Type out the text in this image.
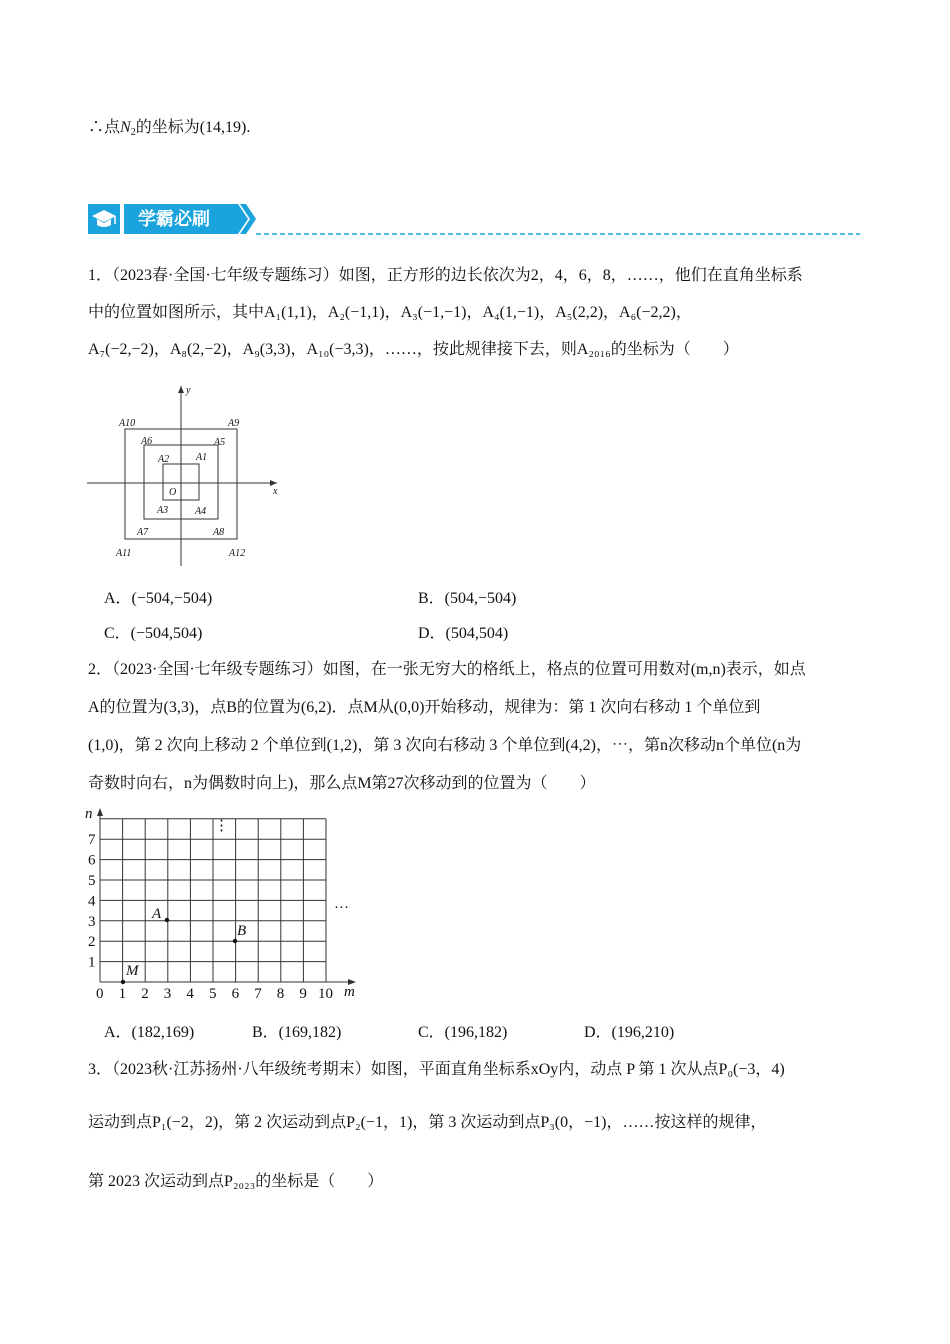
∴点$N_2$的坐标为(14,19).
学霸必刷
1．（2023春·全国·七年级专题练习）如图，正方形的边长依次为2，4，6，8，……，他们在直角坐标系
中的位置如图所示，其中A₁(1,1)，A₂(−1,1)，A₃(−1,−1)，A₄(1,−1)，A₅(2,2)，A₆(−2,2)，
A₇(−2,−2)，A₈(2,−2)，A₉(3,3)，A₁₀(−3,3)，……，按此规律接下去，则A₂₀₁₆的坐标为（　　）
y
x
O
A1
A2
A3	A4
A5
A6
A7	A8
A9
A10
A11	A12
A．(−504,−504)	B．(504,−504)
C．(−504,504)	D．(504,504)
2．（2023·全国·七年级专题练习）如图，在一张无穷大的格纸上，格点的位置可用数对(m,n)表示，如点
A的位置为(3,3)，点B的位置为(6,2)．点M从(0,0)开始移动，规律为：第 1 次向右移动 1 个单位到
(1,0)，第 2 次向上移动 2 个单位到(1,2)，第 3 次向右移动 3 个单位到(4,2)，⋯，第n次移动n个单位(n为
奇数时向右，n为偶数时向上)，那么点M第27次移动到的位置为（　　）
n
m
⋮
…
1
2
3
4
5
6
7
0 1 2 3 4 5 6 7 8 9 10
A
B
M
A．(182,169)	B．(169,182)	C．(196,182)	D．(196,210)
3．（2023秋·江苏扬州·八年级统考期末）如图，平面直角坐标系xOy内，动点 P 第 1 次从点P₀(−3，4)
运动到点P₁(−2，2)，第 2 次运动到点P₂(−1，1)，第 3 次运动到点P₃(0，−1)，……按这样的规律，
第 2023 次运动到点P₂₀₂₃的坐标是（　　）
